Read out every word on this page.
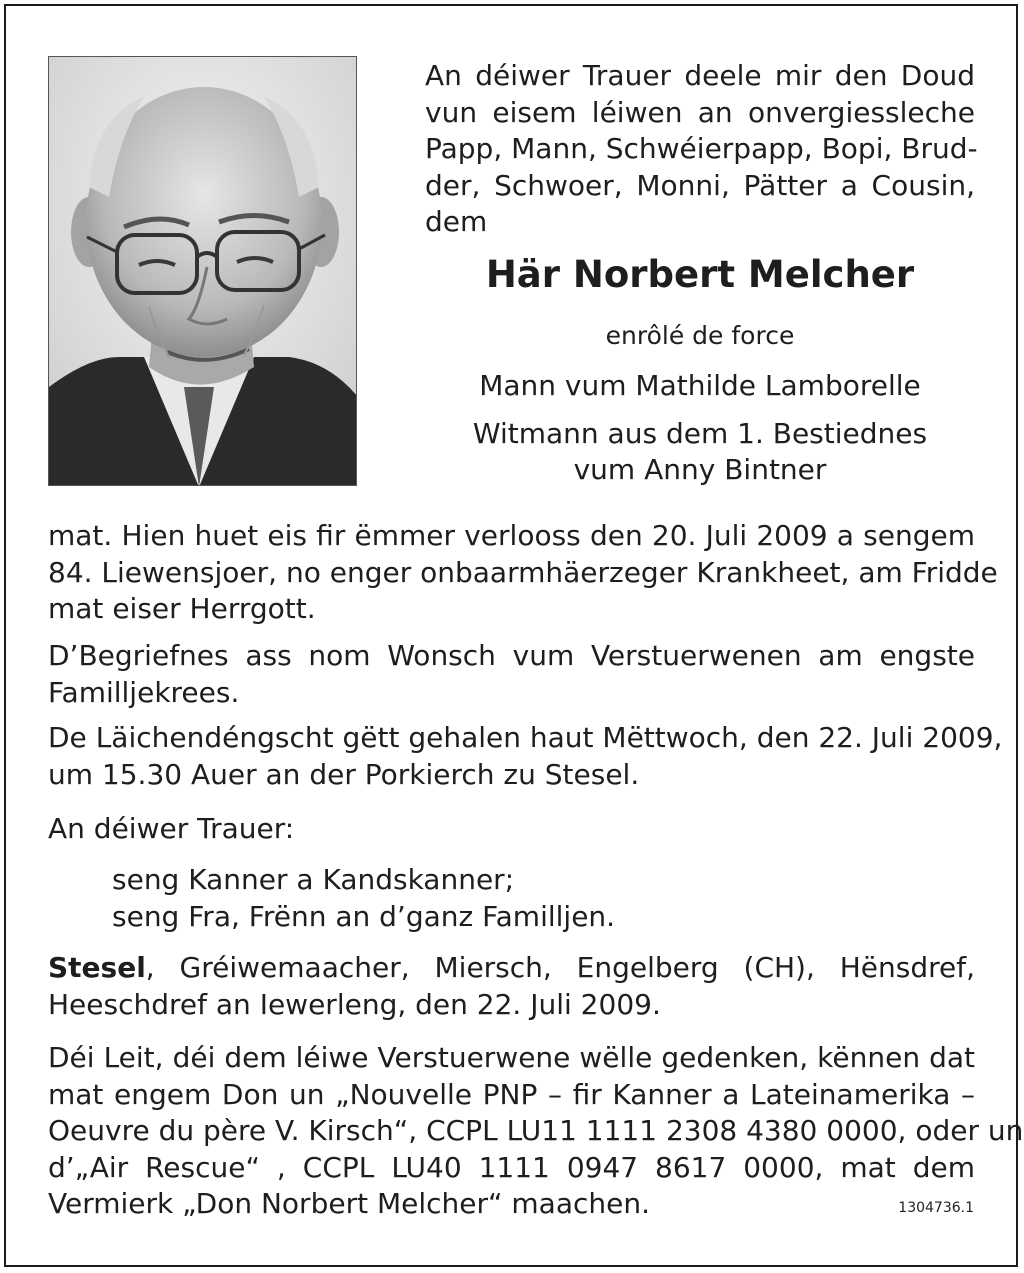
An déiwer Trauer deele mir den Doud
vun eisem léiwen an onvergiessleche
Papp, Mann, Schwéierpapp, Bopi, Brud-
der, Schwoer, Monni, Pätter a Cousin,
dem
Här Norbert Melcher
enrôlé de force
Mann vum Mathilde Lamborelle
Witmann aus dem 1. Bestiednes
vum Anny Bintner
mat. Hien huet eis fir ëmmer verlooss den 20. Juli 2009 a sengem
84. Liewensjoer, no enger onbaarmhäerzeger Krankheet, am Fridde
mat eiser Herrgott.
D’Begriefnes ass nom Wonsch vum Verstuerwenen am engste
Familljekrees.
De Läichendéngscht gëtt gehalen haut Mëttwoch, den 22. Juli 2009,
um 15.30 Auer an der Porkierch zu Stesel.
An déiwer Trauer:
seng Kanner a Kandskanner;
seng Fra, Frënn an d’ganz Familljen.
Stesel, Gréiwemaacher, Miersch, Engelberg (CH), Hënsdref,
Heeschdref an Iewerleng, den 22. Juli 2009.
Déi Leit, déi dem léiwe Verstuerwene wëlle gedenken, kënnen dat
mat engem Don un „Nouvelle PNP – fir Kanner a Lateinamerika –
Oeuvre du père V. Kirsch“, CCPL LU11 1111 2308 4380 0000, oder un
d’„Air Rescue“ , CCPL LU40 1111 0947 8617 0000, mat dem
Vermierk „Don Norbert Melcher“ maachen.	1304736.1
